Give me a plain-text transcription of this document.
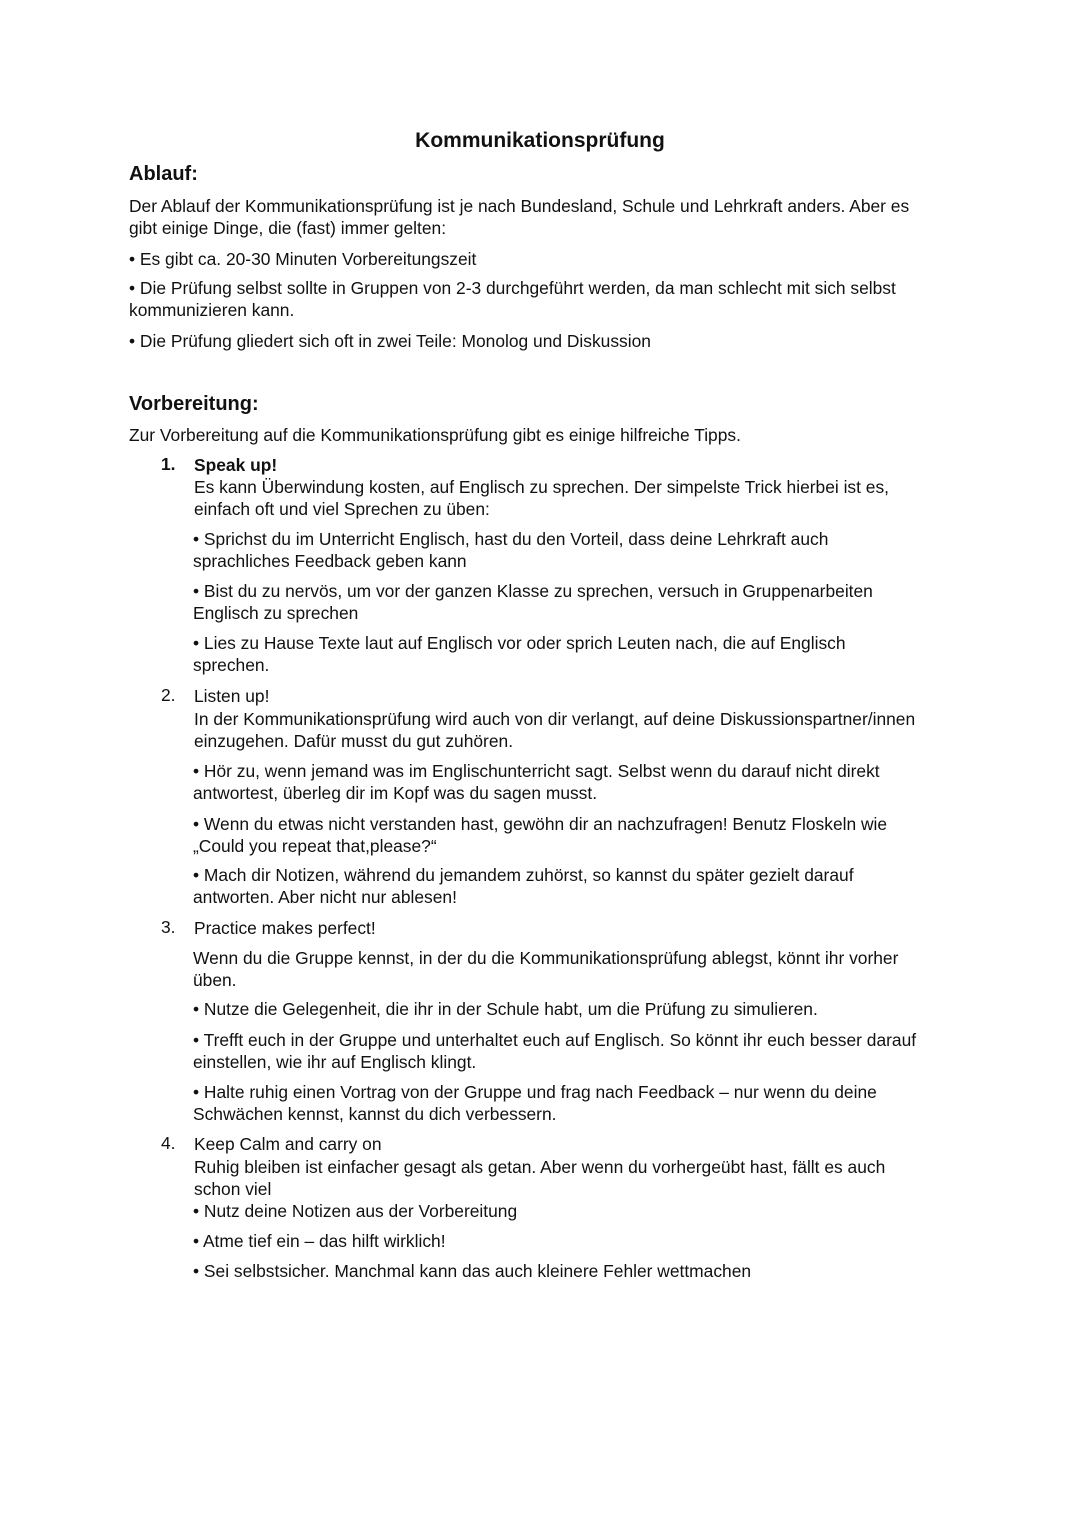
Kommunikationsprüfung
Ablauf:
Der Ablauf der Kommunikationsprüfung ist je nach Bundesland, Schule und Lehrkraft anders. Aber es
gibt einige Dinge, die (fast) immer gelten:
• Es gibt ca. 20-30 Minuten Vorbereitungszeit
• Die Prüfung selbst sollte in Gruppen von 2-3 durchgeführt werden, da man schlecht mit sich selbst
kommunizieren kann.
• Die Prüfung gliedert sich oft in zwei Teile: Monolog und Diskussion
Vorbereitung:
Zur Vorbereitung auf die Kommunikationsprüfung gibt es einige hilfreiche Tipps.
1. Speak up!
Es kann Überwindung kosten, auf Englisch zu sprechen. Der simpelste Trick hierbei ist es,
einfach oft und viel Sprechen zu üben:
• Sprichst du im Unterricht Englisch, hast du den Vorteil, dass deine Lehrkraft auch
sprachliches Feedback geben kann
• Bist du zu nervös, um vor der ganzen Klasse zu sprechen, versuch in Gruppenarbeiten
Englisch zu sprechen
• Lies zu Hause Texte laut auf Englisch vor oder sprich Leuten nach, die auf Englisch
sprechen.
2. Listen up!
In der Kommunikationsprüfung wird auch von dir verlangt, auf deine Diskussionspartner/innen
einzugehen. Dafür musst du gut zuhören.
• Hör zu, wenn jemand was im Englischunterricht sagt. Selbst wenn du darauf nicht direkt
antwortest, überleg dir im Kopf was du sagen musst.
• Wenn du etwas nicht verstanden hast, gewöhn dir an nachzufragen! Benutz Floskeln wie
„Could you repeat that,please?“
• Mach dir Notizen, während du jemandem zuhörst, so kannst du später gezielt darauf
antworten. Aber nicht nur ablesen!
3. Practice makes perfect!
Wenn du die Gruppe kennst, in der du die Kommunikationsprüfung ablegst, könnt ihr vorher
üben.
• Nutze die Gelegenheit, die ihr in der Schule habt, um die Prüfung zu simulieren.
• Trefft euch in der Gruppe und unterhaltet euch auf Englisch. So könnt ihr euch besser darauf
einstellen, wie ihr auf Englisch klingt.
• Halte ruhig einen Vortrag von der Gruppe und frag nach Feedback – nur wenn du deine
Schwächen kennst, kannst du dich verbessern.
4. Keep Calm and carry on
Ruhig bleiben ist einfacher gesagt als getan. Aber wenn du vorhergeübt hast, fällt es auch
schon viel
• Nutz deine Notizen aus der Vorbereitung
• Atme tief ein – das hilft wirklich!
• Sei selbstsicher. Manchmal kann das auch kleinere Fehler wettmachen
